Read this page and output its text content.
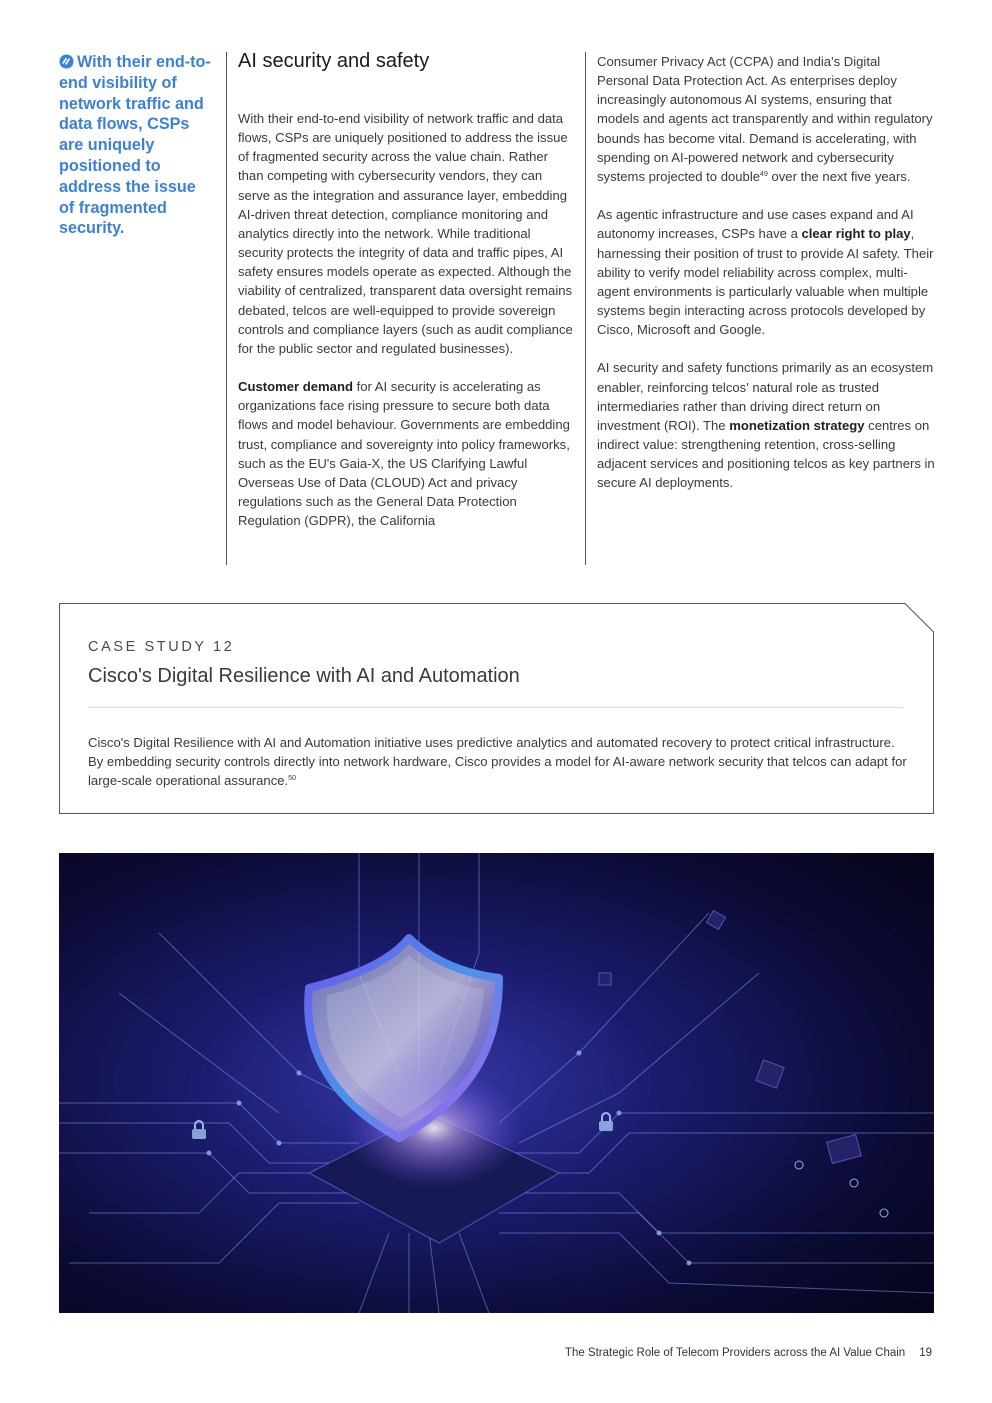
With their end-to-end visibility of network traffic and data flows, CSPs are uniquely positioned to address the issue of fragmented security.
AI security and safety

With their end-to-end visibility of network traffic and data flows, CSPs are uniquely positioned to address the issue of fragmented security across the value chain. Rather than competing with cybersecurity vendors, they can serve as the integration and assurance layer, embedding AI-driven threat detection, compliance monitoring and analytics directly into the network. While traditional security protects the integrity of data and traffic pipes, AI safety ensures models operate as expected. Although the viability of centralized, transparent data oversight remains debated, telcos are well-equipped to provide sovereign controls and compliance layers (such as audit compliance for the public sector and regulated businesses).

Customer demand for AI security is accelerating as organizations face rising pressure to secure both data flows and model behaviour. Governments are embedding trust, compliance and sovereignty into policy frameworks, such as the EU's Gaia-X, the US Clarifying Lawful Overseas Use of Data (CLOUD) Act and privacy regulations such as the General Data Protection Regulation (GDPR), the California

Consumer Privacy Act (CCPA) and India's Digital Personal Data Protection Act. As enterprises deploy increasingly autonomous AI systems, ensuring that models and agents act transparently and within regulatory bounds has become vital. Demand is accelerating, with spending on AI-powered network and cybersecurity systems projected to double$^{49}$ over the next five years.

As agentic infrastructure and use cases expand and AI autonomy increases, CSPs have a clear right to play, harnessing their position of trust to provide AI safety. Their ability to verify model reliability across complex, multi-agent environments is particularly valuable when multiple systems begin interacting across protocols developed by Cisco, Microsoft and Google.

AI security and safety functions primarily as an ecosystem enabler, reinforcing telcos' natural role as trusted intermediaries rather than driving direct return on investment (ROI). The monetization strategy centres on indirect value: strengthening retention, cross-selling adjacent services and positioning telcos as key partners in secure AI deployments.

CASE STUDY 12
Cisco's Digital Resilience with AI and Automation
Cisco's Digital Resilience with AI and Automation initiative uses predictive analytics and automated recovery to protect critical infrastructure. By embedding security controls directly into network hardware, Cisco provides a model for AI-aware network security that telcos can adapt for large-scale operational assurance.$^{50}$
The Strategic Role of Telecom Providers across the AI Value Chain 19
